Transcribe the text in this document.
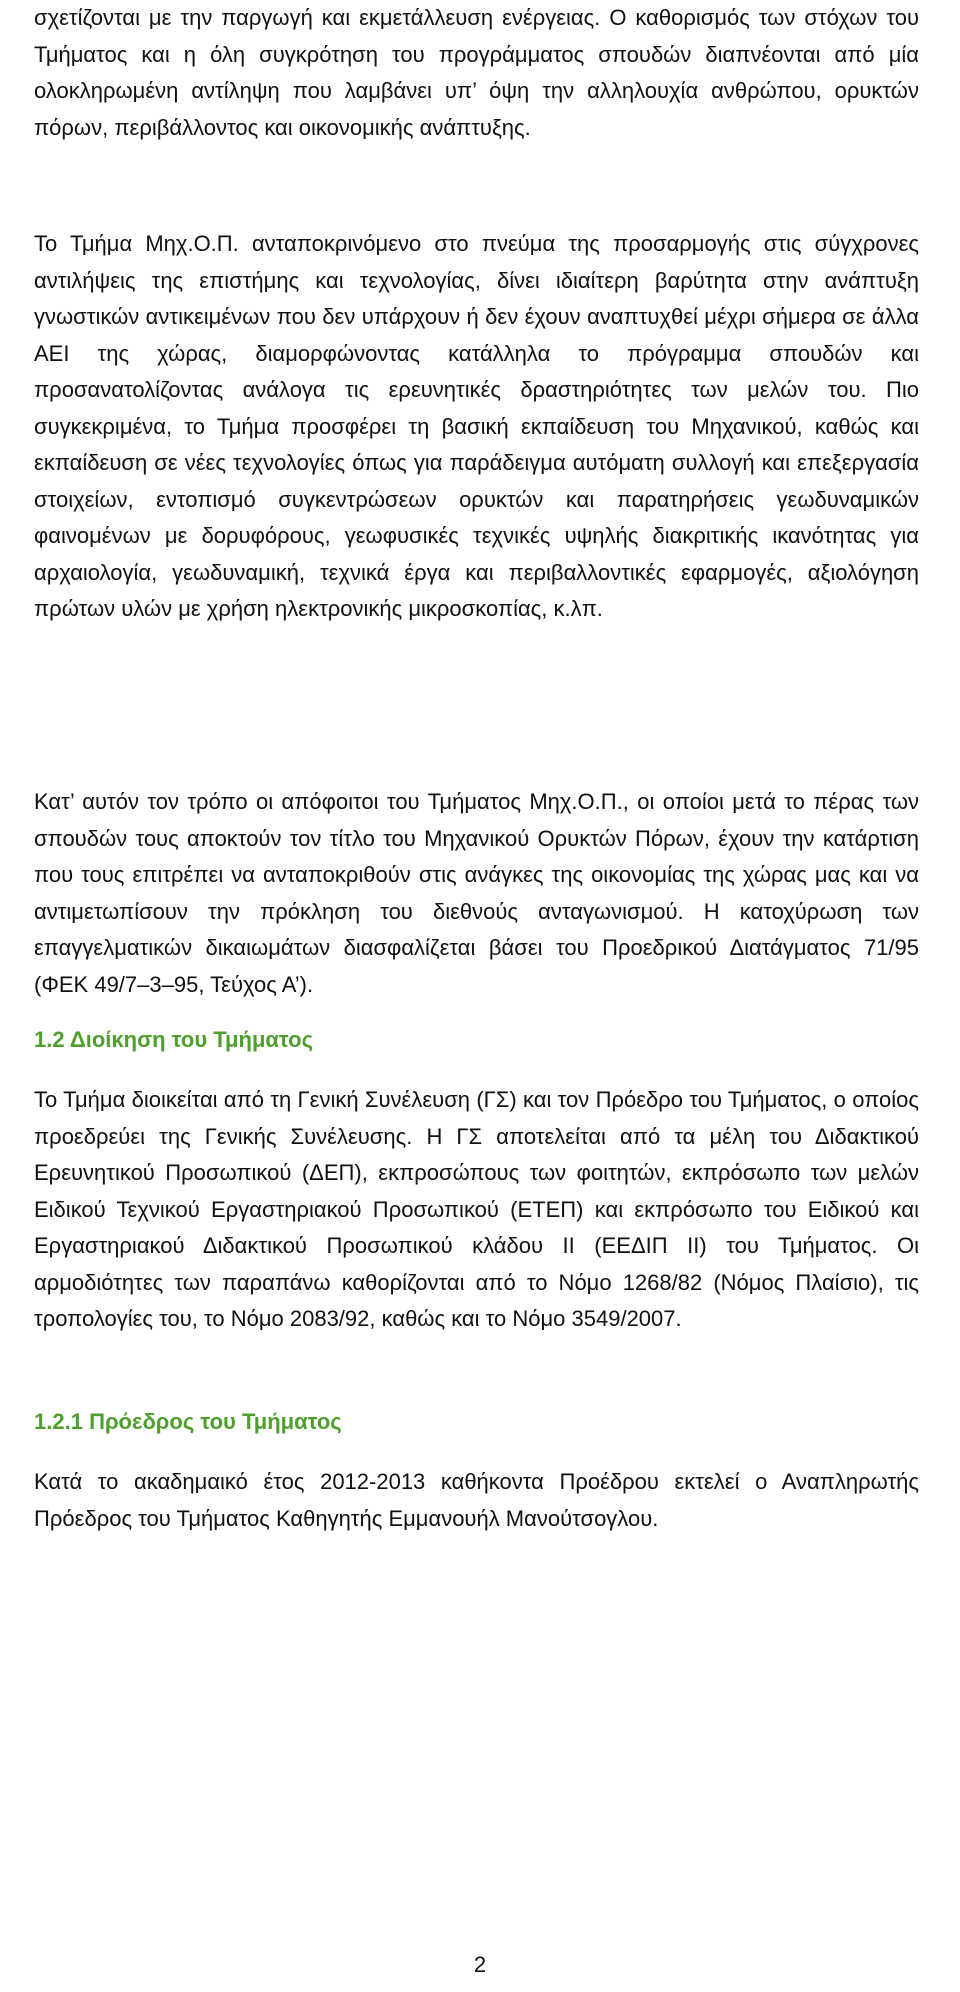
σχετίζονται με την παργωγή και εκμετάλλευση ενέργειας. Ο καθορισμός των στόχων του Τμήματος και η όλη συγκρότηση του προγράμματος σπουδών διαπνέονται από μία ολοκληρωμένη αντίληψη που λαμβάνει υπ’ όψη την αλληλουχία ανθρώπου, ορυκτών πόρων, περιβάλλοντος και οικονομικής ανάπτυξης.

Το Τμήμα Μηχ.Ο.Π. ανταποκρινόμενο στο πνεύμα της προσαρμογής στις σύγχρονες αντιλήψεις της επιστήμης και τεχνολογίας, δίνει ιδιαίτερη βαρύτητα στην ανάπτυξη γνωστικών αντικειμένων που δεν υπάρχουν ή δεν έχουν αναπτυχθεί μέχρι σήμερα σε άλλα ΑΕΙ της χώρας, διαμορφώνοντας κατάλληλα το πρόγραμμα σπουδών και προσανατολίζοντας ανάλογα τις ερευνητικές δραστηριότητες των μελών του. Πιο συγκεκριμένα, το Τμήμα προσφέρει τη βασική εκπαίδευση του Μηχανικού, καθώς και εκπαίδευση σε νέες τεχνολογίες όπως για παράδειγμα αυτόματη συλλογή και επεξεργασία στοιχείων, εντοπισμό συγκεντρώσεων ορυκτών και παρατηρήσεις γεωδυναμικών φαινομένων με δορυφόρους, γεωφυσικές τεχνικές υψηλής διακριτικής ικανότητας για αρχαιολογία, γεωδυναμική, τεχνικά έργα και περιβαλλοντικές εφαρμογές, αξιολόγηση πρώτων υλών με χρήση ηλεκτρονικής μικροσκοπίας, κ.λπ.

Κατ’ αυτόν τον τρόπο οι απόφοιτοι του Τμήματος Μηχ.Ο.Π., οι οποίοι μετά το πέρας των σπουδών τους αποκτούν τον τίτλο του Μηχανικού Ορυκτών Πόρων, έχουν την κατάρτιση που τους επιτρέπει να ανταποκριθούν στις ανάγκες της οικονομίας της χώρας μας και να αντιμετωπίσουν την πρόκληση του διεθνούς ανταγωνισμού. Η κατοχύρωση των επαγγελματικών δικαιωμάτων διασφαλίζεται βάσει του Προεδρικού Διατάγματος 71/95 (ΦΕΚ 49/7–3–95, Τεύχος Α’).

1.2 Διοίκηση του Τμήματος

Το Τμήμα διοικείται από τη Γενική Συνέλευση (ΓΣ) και τον Πρόεδρο του Τμήματος, ο οποίος προεδρεύει της Γενικής Συνέλευσης. Η ΓΣ αποτελείται από τα μέλη του Διδακτικού Ερευνητικού Προσωπικού (ΔΕΠ), εκπροσώπους των φοιτητών, εκπρόσωπο των μελών Ειδικού Τεχνικού Εργαστηριακού Προσωπικού (ΕΤΕΠ) και εκπρόσωπο του Ειδικού και Εργαστηριακού Διδακτικού Προσωπικού κλάδου ΙΙ (ΕΕΔΙΠ ΙΙ) του Τμήματος. Οι αρμοδιότητες των παραπάνω καθορίζονται από το Νόμο 1268/82 (Νόμος Πλαίσιο), τις τροπολογίες του, το Νόμο 2083/92, καθώς και το Νόμο 3549/2007.

1.2.1 Πρόεδρος του Τμήματος

Κατά το ακαδημαικό έτος 2012-2013 καθήκοντα Προέδρου εκτελεί ο Αναπληρωτής Πρόεδρος του Τμήματος Καθηγητής Εμμανουήλ Μανούτσογλου.

2
